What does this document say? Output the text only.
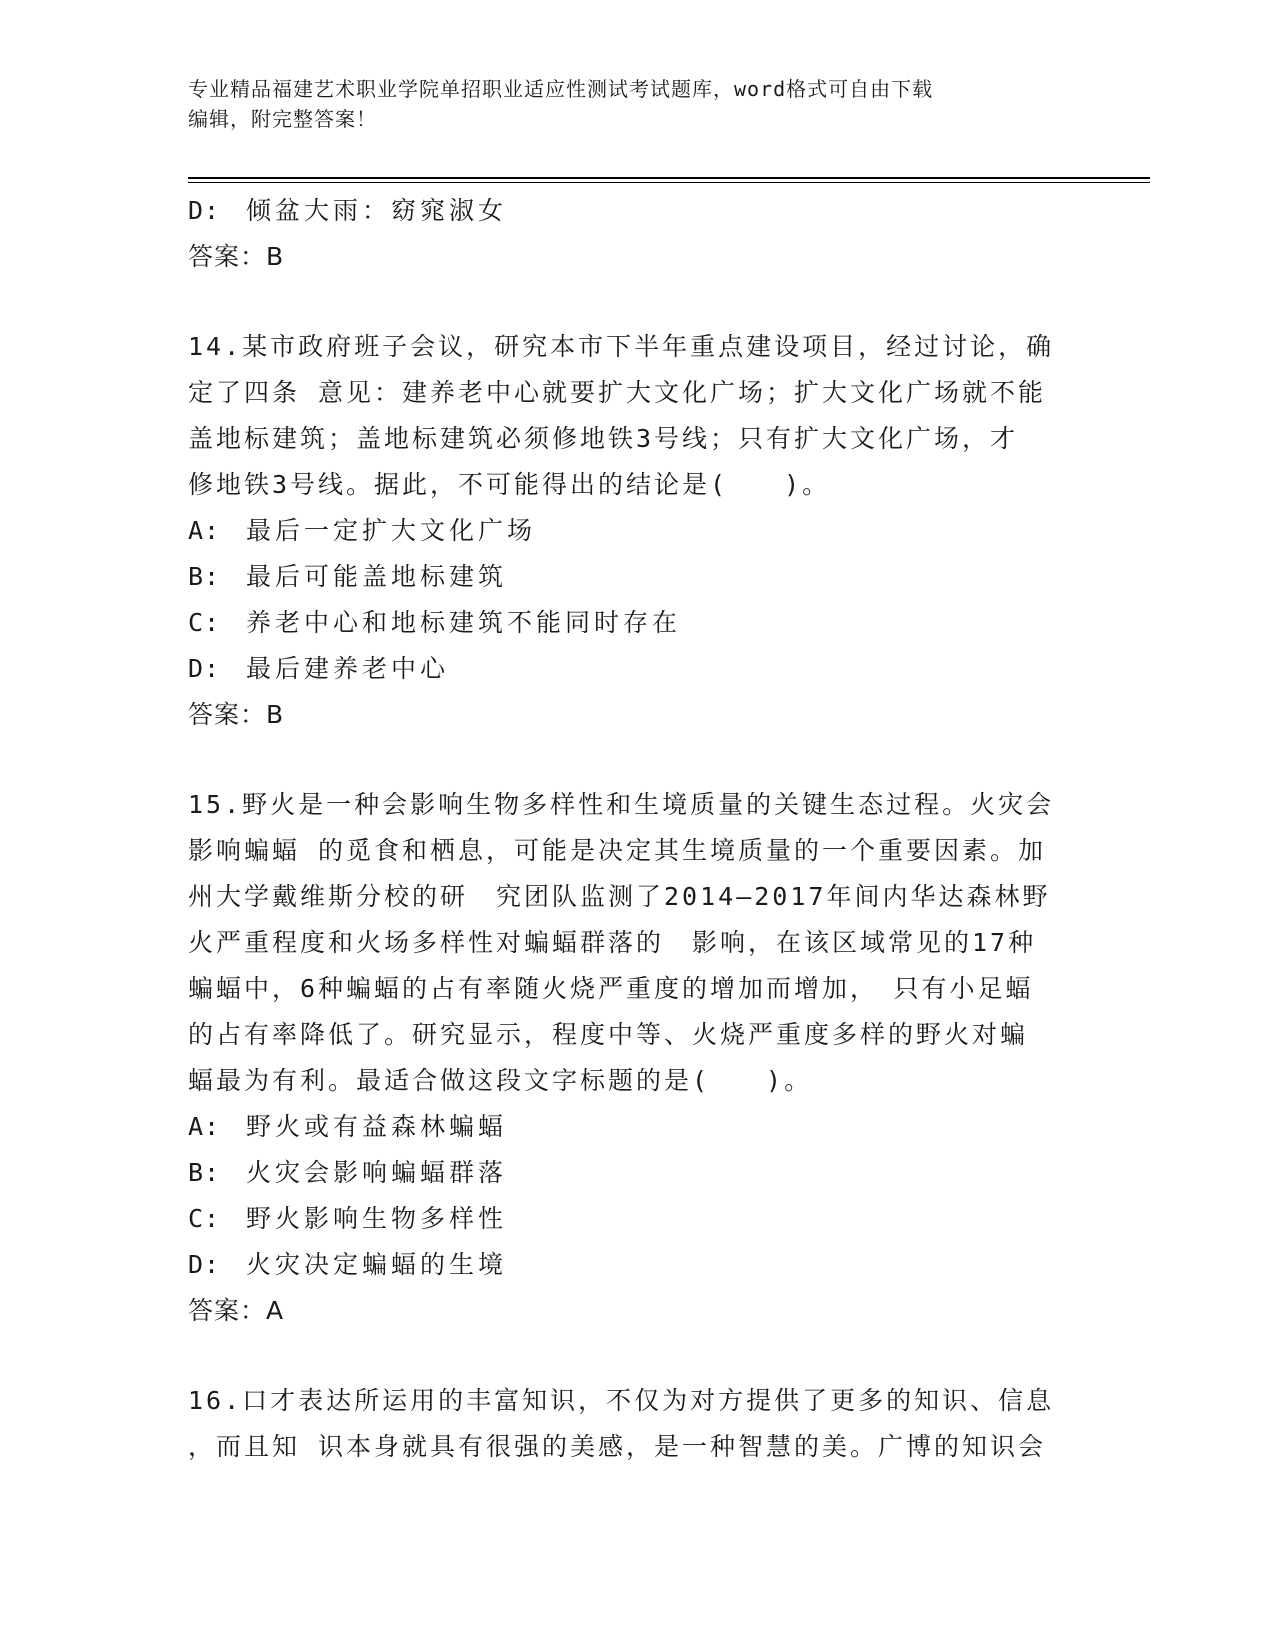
专业精品福建艺术职业学院单招职业适应性测试考试题库，word格式可自由下载
编辑，附完整答案！
D:	倾盆大雨：窈窕淑女
答案：B
14.某市政府班子会议，研究本市下半年重点建设项目，经过讨论，确
定了四条 意见：建养老中心就要扩大文化广场；扩大文化广场就不能
盖地标建筑；盖地标建筑必须修地铁3号线；只有扩大文化广场，才
修地铁3号线。据此，不可能得出的结论是(　　)。
A:	最后一定扩大文化广场
B:	最后可能盖地标建筑
C:	养老中心和地标建筑不能同时存在
D:	最后建养老中心
答案：B
15.野火是一种会影响生物多样性和生境质量的关键生态过程。火灾会
影响蝙蝠 的觅食和栖息，可能是决定其生境质量的一个重要因素。加
州大学戴维斯分校的研　究团队监测了2014—2017年间内华达森林野
火严重程度和火场多样性对蝙蝠群落的　影响，在该区域常见的17种
蝙蝠中，6种蝙蝠的占有率随火烧严重度的增加而增加，　只有小足蝠
的占有率降低了。研究显示，程度中等、火烧严重度多样的野火对蝙
蝠最为有利。最适合做这段文字标题的是(　　)。
A:	野火或有益森林蝙蝠
B:	火灾会影响蝙蝠群落
C:	野火影响生物多样性
D:	火灾决定蝙蝠的生境
答案：A
16.口才表达所运用的丰富知识，不仅为对方提供了更多的知识、信息
，而且知 识本身就具有很强的美感，是一种智慧的美。广博的知识会
